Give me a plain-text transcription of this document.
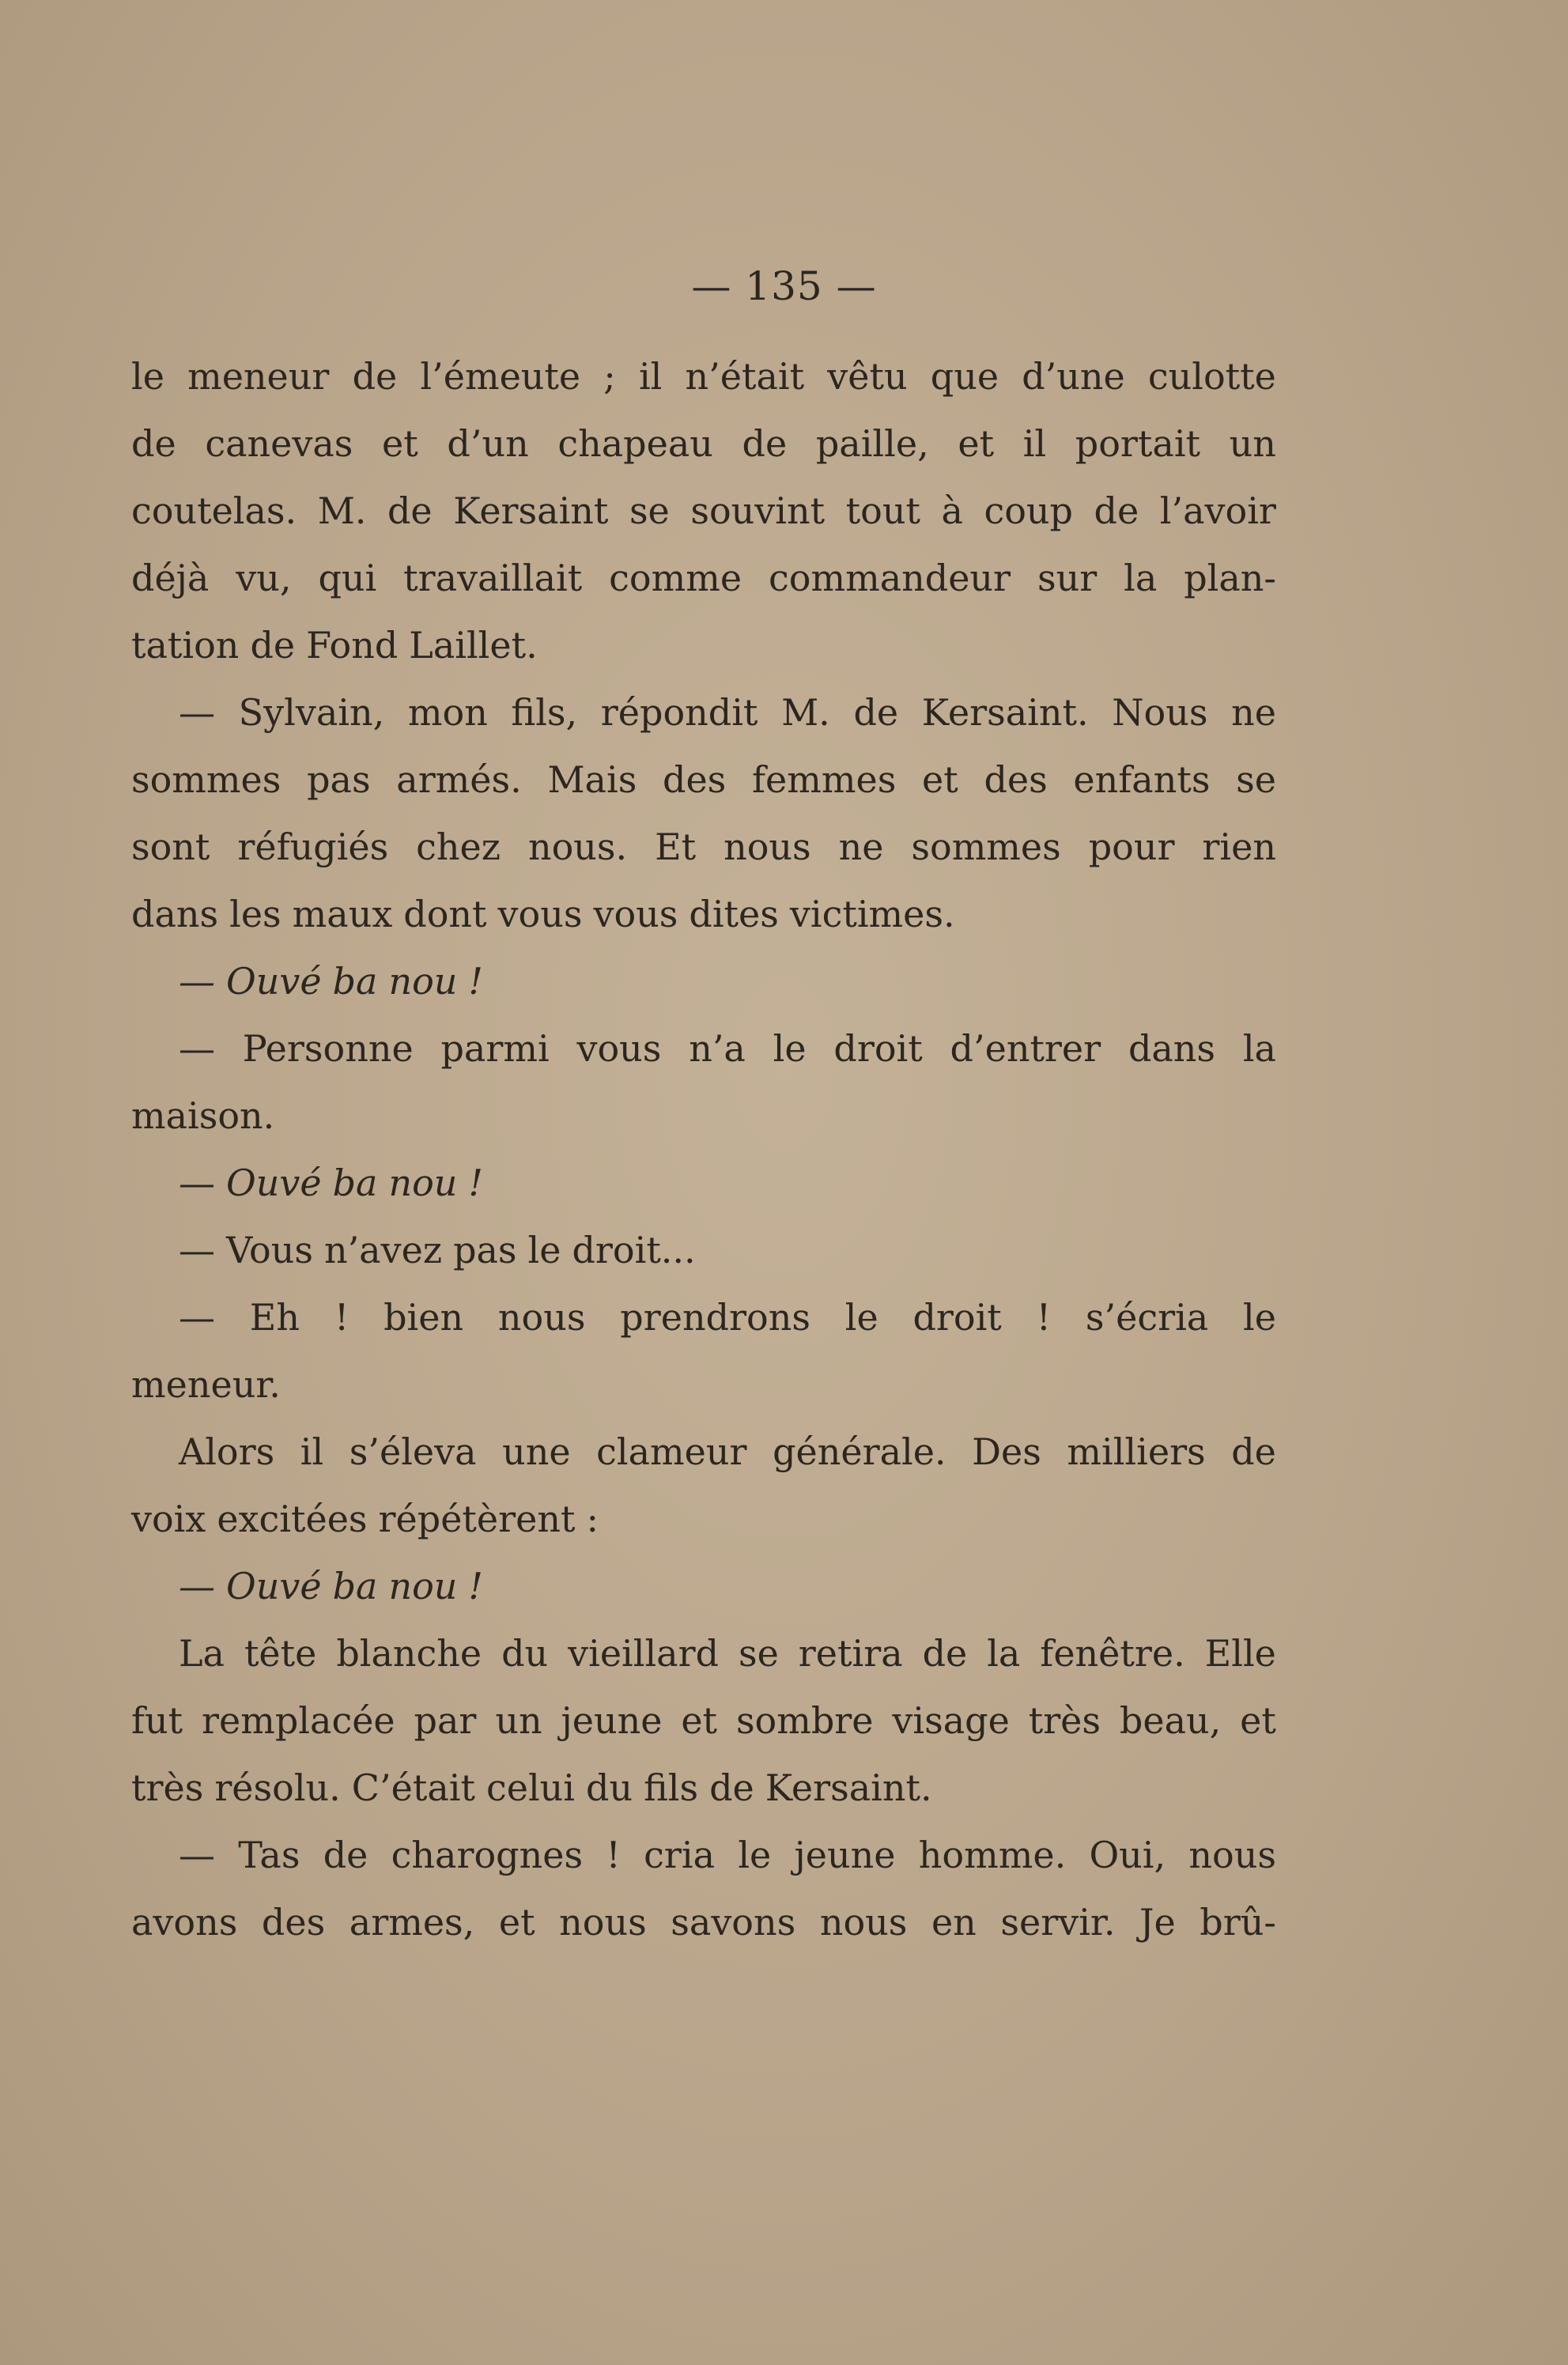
— 135 —
le meneur de l’émeute ; il n’était vêtu que d’une culotte
de canevas et d’un chapeau de paille, et il portait un
coutelas. M. de Kersaint se souvint tout à coup de l’avoir
déjà vu, qui travaillait comme commandeur sur la plan-
tation de Fond Laillet.
— Sylvain, mon fils, répondit M. de Kersaint. Nous ne
sommes pas armés. Mais des femmes et des enfants se
sont réfugiés chez nous. Et nous ne sommes pour rien
dans les maux dont vous vous dites victimes.
— Ouvé ba nou !
— Personne parmi vous n’a le droit d’entrer dans la
maison.
— Ouvé ba nou !
— Vous n’avez pas le droit...
— Eh ! bien nous prendrons le droit ! s’écria le
meneur.
Alors il s’éleva une clameur générale. Des milliers de
voix excitées répétèrent :
— Ouvé ba nou !
La tête blanche du vieillard se retira de la fenêtre. Elle
fut remplacée par un jeune et sombre visage très beau, et
très résolu. C’était celui du fils de Kersaint.
— Tas de charognes ! cria le jeune homme. Oui, nous
avons des armes, et nous savons nous en servir. Je brû-
